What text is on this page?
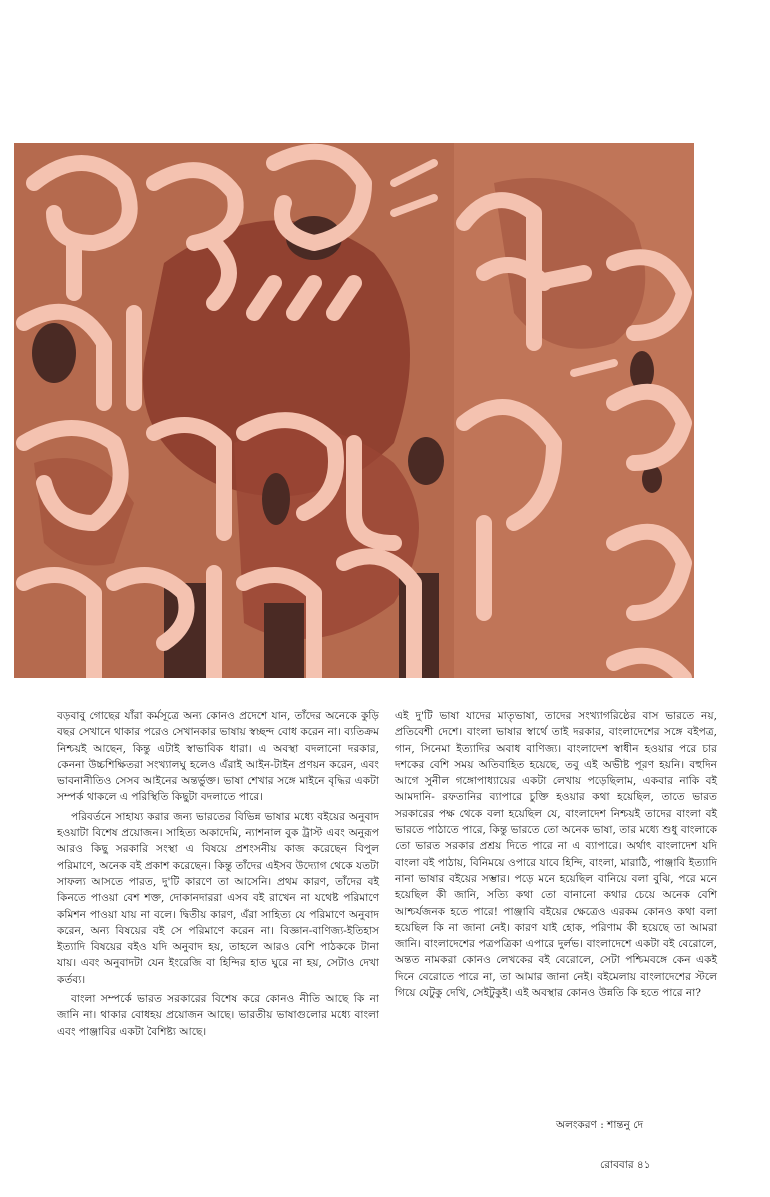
বড়বাবু গোছের যাঁরা কর্মসূত্রে অন্য কোনও প্রদেশে যান, তাঁদের অনেকে কুড়ি বছর সেখানে থাকার পরেও সেখানকার ভাষায় স্বচ্ছন্দ বোধ করেন না। ব্যতিক্রম নিশ্চয়ই আছেন, কিন্তু এটাই স্বাভাবিক ধারা। এ অবস্থা বদলানো দরকার, কেননা উচ্চশিক্ষিতরা সংখ্যালঘু হলেও এঁরাই আইন-টাইন প্রণয়ন করেন, এবং ভাবনানীতিও সেসব আইনের অন্তর্ভুক্ত। ভাষা শেখার সঙ্গে মাইনে বৃদ্ধির একটা সম্পর্ক থাকলে এ পরিস্থিতি কিছুটা বদলাতে পারে।

পরিবর্তনে সাহায্য করার জন্য ভারতের বিভিন্ন ভাষার মধ্যে বইয়ের অনুবাদ হওয়াটা বিশেষ প্রয়োজন। সাহিত্য অকাদেমি, ন্যাশনাল বুক ট্রাস্ট এবং অনুরূপ আরও কিছু সরকারি সংস্থা এ বিষয়ে প্রশংসনীয় কাজ করেছেন বিপুল পরিমাণে, অনেক বই প্রকাশ করেছেন। কিন্তু তাঁদের এইসব উদ্যোগ থেকে যতটা সাফল্য আসতে পারত, দু'টি কারণে তা আসেনি। প্রথম কারণ, তাঁদের বই কিনতে পাওয়া বেশ শক্ত, দোকানদাররা এসব বই রাখেন না যথেষ্ট পরিমাণে কমিশন পাওয়া যায় না বলে। দ্বিতীয় কারণ, এঁরা সাহিত্য যে পরিমাণে অনুবাদ করেন, অন্য বিষয়ের বই সে পরিমাণে করেন না। বিজ্ঞান-বাণিজ্য-ইতিহাস ইত্যাদি বিষয়ের বইও যদি অনুবাদ হয়, তাহলে আরও বেশি পাঠককে টানা যায়। এবং অনুবাদটা যেন ইংরেজি বা হিন্দির হাত ঘুরে না হয়, সেটাও দেখা কর্তব্য।

বাংলা সম্পর্কে ভারত সরকারের বিশেষ করে কোনও নীতি আছে কি না জানি না। থাকার বোধহয় প্রয়োজন আছে। ভারতীয় ভাষাগুলোর মধ্যে বাংলা এবং পাঞ্জাবির একটা বৈশিষ্ট্য আছে।

এই দু'টি ভাষা যাদের মাতৃভাষা, তাদের সংখ্যাগরিষ্ঠের বাস ভারতে নয়, প্রতিবেশী দেশে। বাংলা ভাষার স্বার্থে তাই দরকার, বাংলাদেশের সঙ্গে বইপত্র, গান, সিনেমা ইত্যাদির অবাধ বাণিজ্য। বাংলাদেশ স্বাধীন হওয়ার পরে চার দশকের বেশি সময় অতিবাহিত হয়েছে, তবু এই অভীষ্ট পূরণ হয়নি। বহুদিন আগে সুনীল গঙ্গোপাধ্যায়ের একটা লেখায় পড়েছিলাম, একবার নাকি বই আমদানি- রফতানির ব্যাপারে চুক্তি হওয়ার কথা হয়েছিল, তাতে ভারত সরকারের পক্ষ থেকে বলা হয়েছিল যে, বাংলাদেশ নিশ্চয়ই তাদের বাংলা বই ভারতে পাঠাতে পারে, কিন্তু ভারতে তো অনেক ভাষা, তার মধ্যে শুধু বাংলাকে তো ভারত সরকার প্রশ্রয় দিতে পারে না এ ব্যাপারে। অর্থাৎ বাংলাদেশ যদি বাংলা বই পাঠায়, বিনিময়ে ওপারে যাবে হিন্দি, বাংলা, মারাঠি, পাঞ্জাবি ইত্যাদি নানা ভাষার বইয়ের সম্ভার। পড়ে মনে হয়েছিল বানিয়ে বলা বুঝি, পরে মনে হয়েছিল কী জানি, সত্যি কথা তো বানানো কথার চেয়ে অনেক বেশি আশ্চর্যজনক হতে পারে! পাঞ্জাবি বইয়ের ক্ষেত্রেও এরকম কোনও কথা বলা হয়েছিল কি না জানা নেই। কারণ যাই হোক, পরিণাম কী হয়েছে তা আমরা জানি। বাংলাদেশের পত্রপত্রিকা এপারে দুর্লভ। বাংলাদেশে একটা বই বেরোলে, অন্তত নামকরা কোনও লেখকের বই বেরোলে, সেটা পশ্চিমবঙ্গে কেন একই দিনে বেরোতে পারে না, তা আমার জানা নেই। বইমেলায় বাংলাদেশের স্টলে গিয়ে যেটুকু দেখি, সেইটুকুই। এই অবস্থার কোনও উন্নতি কি হতে পারে না?

অলংকরণ : শান্তনু দে
রোববার ৪১
